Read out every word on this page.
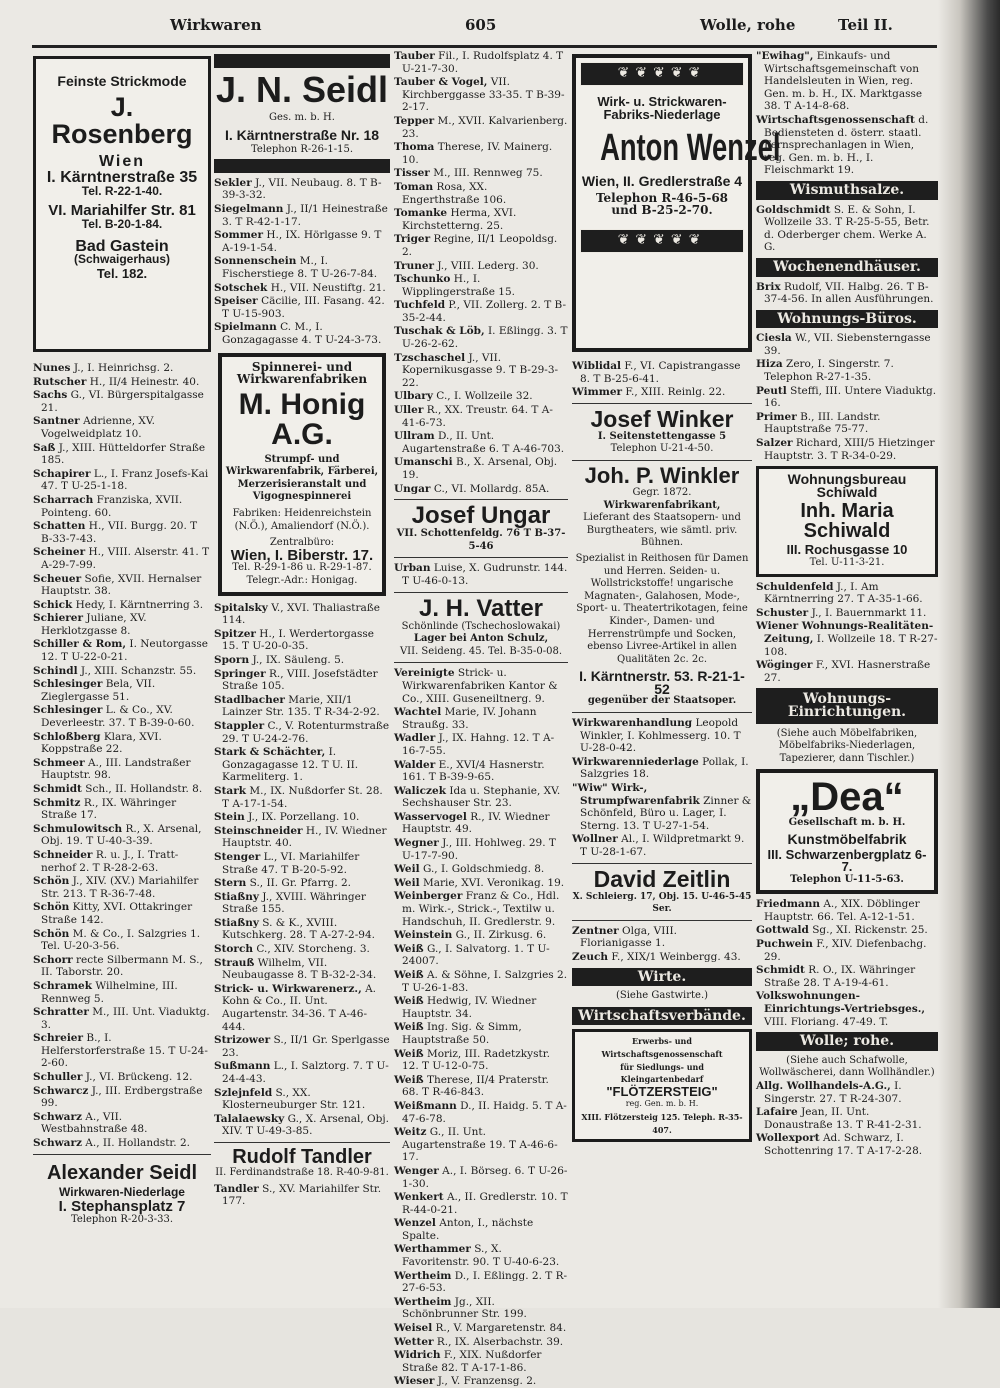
Wirkwaren	605	Wolle, rohe	Teil II.
Feinste Strickmode
J. Rosenberg
Wien
I. Kärntnerstraße 35
Tel. R-22-1-40.
VI. Mariahilfer Str. 81
Tel. B-20-1-84.
Bad Gastein
(Schwaigerhaus)
Tel. 182.
Nunes J., I. Heinrichsg. 2.
Rutscher H., II/4 Heinestr. 40.
Sachs G., VI. Bürgerspitalgasse 21.
Santner Adrienne, XV. Vogelweidplatz 10.
Saß J., XIII. Hütteldorfer Straße 185.
Schapirer L., I. Franz Josefs-Kai 47. T U-25-1-18.
Scharrach Franziska, XVII. Pointeng. 60.
Schatten H., VII. Burgg. 20. T B-33-7-43.
Scheiner H., VIII. Alserstr. 41. T A-29-7-99.
Scheuer Sofie, XVII. Hernalser Hauptstr. 38.
Schick Hedy, I. Kärntnerring 3.
Schierer Juliane, XV. Herklotzgasse 8.
Schiller & Rom, I. Neutorgasse 12. T U-22-0-21.
Schindl J., XIII. Schanzstr. 55.
Schlesinger Bela, VII. Zieglergasse 51.
Schlesinger L. & Co., XV. Deverleestr. 37. T B-39-0-60.
Schloßberg Klara, XVI. Koppstraße 22.
Schmeer A., III. Landstraßer Hauptstr. 98.
Schmidt Sch., II. Hollandstr. 8.
Schmitz R., IX. Währinger Straße 17.
Schmulowitsch R., X. Arsenal, Obj. 19. T U-40-3-39.
Schneider R. u. J., I. Tratt-nerhof 2. T R-28-2-63.
Schön J., XIV. (XV.) Mariahilfer Str. 213. T R-36-7-48.
Schön Kitty, XVI. Ottakringer Straße 142.
Schön M. & Co., I. Salzgries 1. Tel. U-20-3-56.
Schorr recte Silbermann M. S., II. Taborstr. 20.
Schramek Wilhelmine, III. Rennweg 5.
Schratter M., III. Unt. Viaduktg. 3.
Schreier B., I. Helferstorferstraße 15. T U-24-2-60.
Schuller J., VI. Brückeng. 12.
Schwarcz J., III. Erdbergstraße 99.
Schwarz A., VII. Westbahnstraße 48.
Schwarz A., II. Hollandstr. 2.
Alexander Seidl
Wirkwaren-Niederlage
I. Stephansplatz 7
Telephon R-20-3-33.
J. N. Seidl
Ges. m. b. H.
I. Kärntnerstraße Nr. 18
Telephon R-26-1-15.
Sekler J., VII. Neubaug. 8. T B-39-3-32.
Siegelmann J., II/1 Heinestraße 3. T R-42-1-17.
Sommer H., IX. Hörlgasse 9. T A-19-1-54.
Sonnenschein M., I. Fischerstiege 8. T U-26-7-84.
Sotschek H., VII. Neustiftg. 21.
Speiser Cäcilie, III. Fasang. 42. T U-15-903.
Spielmann C. M., I. Gonzagagasse 4. T U-24-3-73.
Spinnerei- und Wirkwarenfabriken
M. Honig A.G.
Strumpf- und Wirkwarenfabrik, Färberei, Merzerisieranstalt und Vigognespinnerei
Fabriken: Heidenreichstein (N.Ö.), Amaliendorf (N.Ö.).
Zentralbüro:
Wien, I. Biberstr. 17.
Tel. R-29-1-86 u. R-29-1-87.
Telegr.-Adr.: Honigag.
Spitalsky V., XVI. Thaliastraße 114.
Spitzer H., I. Werdertorgasse 15. T U-20-0-35.
Sporn J., IX. Säuleng. 5.
Springer R., VIII. Josefstädter Straße 105.
Stadlbacher Marie, XII/1 Lainzer Str. 135. T R-34-2-92.
Stappler C., V. Rotenturmstraße 29. T U-24-2-76.
Stark & Schächter, I. Gonzagagasse 12. T U. II. Karmeliterg. 1.
Stark M., IX. Nußdorfer St. 28. T A-17-1-54.
Stein J., IX. Porzellang. 10.
Steinschneider H., IV. Wiedner Hauptstr. 40.
Stenger L., VI. Mariahilfer Straße 47. T B-20-5-92.
Stern S., II. Gr. Pfarrg. 2.
Stiaßny J., XVIII. Währinger Straße 155.
Stiaßny S. & K., XVIII. Kutschkerg. 28. T A-27-2-94.
Storch C., XIV. Storcheng. 3.
Strauß Wilhelm, VII. Neubaugasse 8. T B-32-2-34.
Strick- u. Wirkwarenerz., A. Kohn & Co., II. Unt. Augartenstr. 34-36. T A-46-444.
Strizower S., II/1 Gr. Sperlgasse 23.
Sußmann L., I. Salztorg. 7. T U-24-4-43.
Szlejnfeld S., XX. Klosterneuburger Str. 121.
Talalaewsky G., X. Arsenal, Obj. XIV. T U-49-3-85.
Rudolf Tandler
II. Ferdinandstraße 18. R-40-9-81.
Tandler S., XV. Mariahilfer Str. 177.
Tauber Fil., I. Rudolfsplatz 4. T U-21-7-30.
Tauber & Vogel, VII. Kirchberggasse 33-35. T B-39-2-17.
Tepper M., XVII. Kalvarienberg. 23.
Thoma Therese, IV. Mainerg. 10.
Tisser M., III. Rennweg 75.
Toman Rosa, XX. Engerthstraße 106.
Tomanke Herma, XVI. Kirchstetterng. 25.
Triger Regine, II/1 Leopoldsg. 2.
Truner J., VIII. Lederg. 30.
Tschunko H., I. Wipplingerstraße 15.
Tuchfeld P., VII. Zollerg. 2. T B-35-2-44.
Tuschak & Löb, I. Eßlingg. 3. T U-26-2-62.
Tzschaschel J., VII. Kopernikusgasse 9. T B-29-3-22.
Ulbary C., I. Wollzeile 32.
Uller R., XX. Treustr. 64. T A-41-6-73.
Ullram D., II. Unt. Augartenstraße 6. T A-46-703.
Umanschi B., X. Arsenal, Obj. 19.
Ungar C., VI. Mollardg. 85A.
Josef Ungar
VII. Schottenfeldg. 76 T B-37-5-46
Urban Luise, X. Gudrunstr. 144. T U-46-0-13.
J. H. Vatter
Schönlinde (Tschechoslowakai)
Lager bei Anton Schulz,
VII. Seideng. 45. Tel. B-35-0-08.
Vereinigte Strick- u. Wirkwarenfabriken Kantor & Co., XIII. Guseneiltnerg. 9.
Wachtel Marie, IV. Johann Straußg. 33.
Wadler J., IX. Hahng. 12. T A-16-7-55.
Walder E., XVI/4 Hasnerstr. 161. T B-39-9-65.
Waliczek Ida u. Stephanie, XV. Sechshauser Str. 23.
Wasservogel R., IV. Wiedner Hauptstr. 49.
Wegner J., III. Hohlweg. 29. T U-17-7-90.
Weil G., I. Goldschmiedg. 8.
Weil Marie, XVI. Veronikag. 19.
Weinberger Franz & Co., Hdl. m. Wirk.-, Strick.-, Textilw u. Handschuh, II. Gredlerstr. 9.
Weinstein G., II. Zirkusg. 6.
Weiß G., I. Salvatorg. 1. T U-24007.
Weiß A. & Söhne, I. Salzgries 2. T U-26-1-83.
Weiß Hedwig, IV. Wiedner Hauptstr. 34.
Weiß Ing. Sig. & Simm, Hauptstraße 50.
Weiß Moriz, III. Radetzkystr. 12. T U-12-0-75.
Weiß Therese, II/4 Praterstr. 68. T R-46-843.
Weißmann D., II. Haidg. 5. T A-47-6-78.
Weitz G., II. Unt. Augartenstraße 19. T A-46-6-17.
Wenger A., I. Börseg. 6. T U-26-1-30.
Wenkert A., II. Gredlerstr. 10. T R-44-0-21.
Wenzel Anton, I., nächste Spalte.
Werthammer S., X. Favoritenstr. 90. T U-40-6-23.
Wertheim D., I. Eßlingg. 2. T R-27-6-53.
Wertheim Jg., XII. Schönbrunner Str. 199.
Weisel R., V. Margaretenstr. 84.
Wetter R., IX. Alserbachstr. 39.
Widrich F., XIX. Nußdorfer Straße 82. T A-17-1-86.
Wieser J., V. Franzensg. 2.
❦❦❦❦❦
Wirk- u. Strickwaren-
Fabriks-Niederlage
Anton Wenzel
Wien, II. Gredlerstraße 4
Telephon R-46-5-68
und B-25-2-70.
❦❦❦❦❦
Wiblidal F., VI. Capistrangasse 8. T B-25-6-41.
Wimmer F., XIII. Reinlg. 22.
Josef Winker
I. Seitenstettengasse 5
Telephon U-21-4-50.
Joh. P. Winkler
Gegr. 1872.
Wirkwarenfabrikant,
Lieferant des Staatsopern- und Burgtheaters, wie sämtl. priv. Bühnen.
Spezialist in Reithosen für Damen und Herren. Seiden- u. Wollstrickstoffe! ungarische Magnaten-, Galahosen, Mode-, Sport- u. Theatertrikotagen, feine Kinder-, Damen- und Herrenstrümpfe und Socken, ebenso Livree-Artikel in allen Qualitäten 2c. 2c.
I. Kärntnerstr. 53. R-21-1-52
gegenüber der Staatsoper.
Wirkwarenhandlung Leopold Winkler, I. Kohlmesserg. 10. T U-28-0-42.
Wirkwarenniederlage Pollak, I. Salzgries 18.
"Wiw" Wirk-, Strumpfwarenfabrik Zinner & Schönfeld, Büro u. Lager, I. Sterng. 13. T U-27-1-54.
Wollner Al., I. Wildpretmarkt 9. T U-28-1-67.
David Zeitlin
X. Schleierg. 17, Obj. 15. U-46-5-45 Ser.
Zentner Olga, VIII. Florianigasse 1.
Zeuch F., XIX/1 Weinbergg. 43.
Wirte.
(Siehe Gastwirte.)
Wirtschaftsverbände.
Erwerbs- und Wirtschaftsgenossenschaft
für Siedlungs- und Kleingartenbedarf
"FLÖTZERSTEIG"
reg. Gen. m. b. H.
XIII. Flötzersteig 125. Teleph. R-35-407.
"Ewihag", Einkaufs- und Wirtschaftsgemeinschaft von Handelsleuten in Wien, reg. Gen. m. b. H., IX. Marktgasse 38. T A-14-8-68.
Wirtschaftsgenossenschaft d. Bediensteten d. österr. staatl. Fernsprechanlagen in Wien, reg. Gen. m. b. H., I. Fleischmarkt 19.
Wismuthsalze.
Goldschmidt S. E. & Sohn, I. Wollzeile 33. T R-25-5-55, Betr. d. Oderberger chem. Werke A. G.
Wochenendhäuser.
Brix Rudolf, VII. Halbg. 26. T B-37-4-56. In allen Ausführungen.
Wohnungs-Büros.
Ciesla W., VII. Siebensterngasse 39.
Hiza Zero, I. Singerstr. 7. Telephon R-27-1-35.
Peutl Steffi, III. Untere Viaduktg. 16.
Primer B., III. Landstr. Hauptstraße 75-77.
Salzer Richard, XIII/5 Hietzinger Hauptstr. 3. T R-34-0-29.
Wohnungsbureau
Schiwald
Inh. Maria Schiwald
III. Rochusgasse 10
Tel. U-11-3-21.
Schuldenfeld J., I. Am Kärntnerring 27. T A-35-1-66.
Schuster J., I. Bauernmarkt 11.
Wiener Wohnungs-Realitäten-Zeitung, I. Wollzeile 18. T R-27-108.
Wöginger F., XVI. Hasnerstraße 27.
Wohnungs-
Einrichtungen.
(Siehe auch Möbelfabriken, Möbelfabriks-Niederlagen, Tapezierer, dann Tischler.)
„Dea“
Gesellschaft m. b. H.
Kunstmöbelfabrik
III. Schwarzenbergplatz 6-7.
Telephon U-11-5-63.
Friedmann A., XIX. Döblinger Hauptstr. 66. Tel. A-12-1-51.
Gottwald Sg., XI. Rickenstr. 25.
Puchwein F., XIV. Diefenbachg. 29.
Schmidt R. O., IX. Währinger Straße 28. T A-19-4-61.
Volkswohnungen- Einrichtungs-Vertriebsges., VIII. Floriang. 47-49. T.
Wolle; rohe.
(Siehe auch Schafwolle, Wollwäscherei, dann Wollhändler.)
Allg. Wollhandels-A.G., I. Singerstr. 27. T R-24-307.
Lafaire Jean, II. Unt. Donaustraße 13. T R-41-2-31.
Wollexport Ad. Schwarz, I. Schottenring 17. T A-17-2-28.
